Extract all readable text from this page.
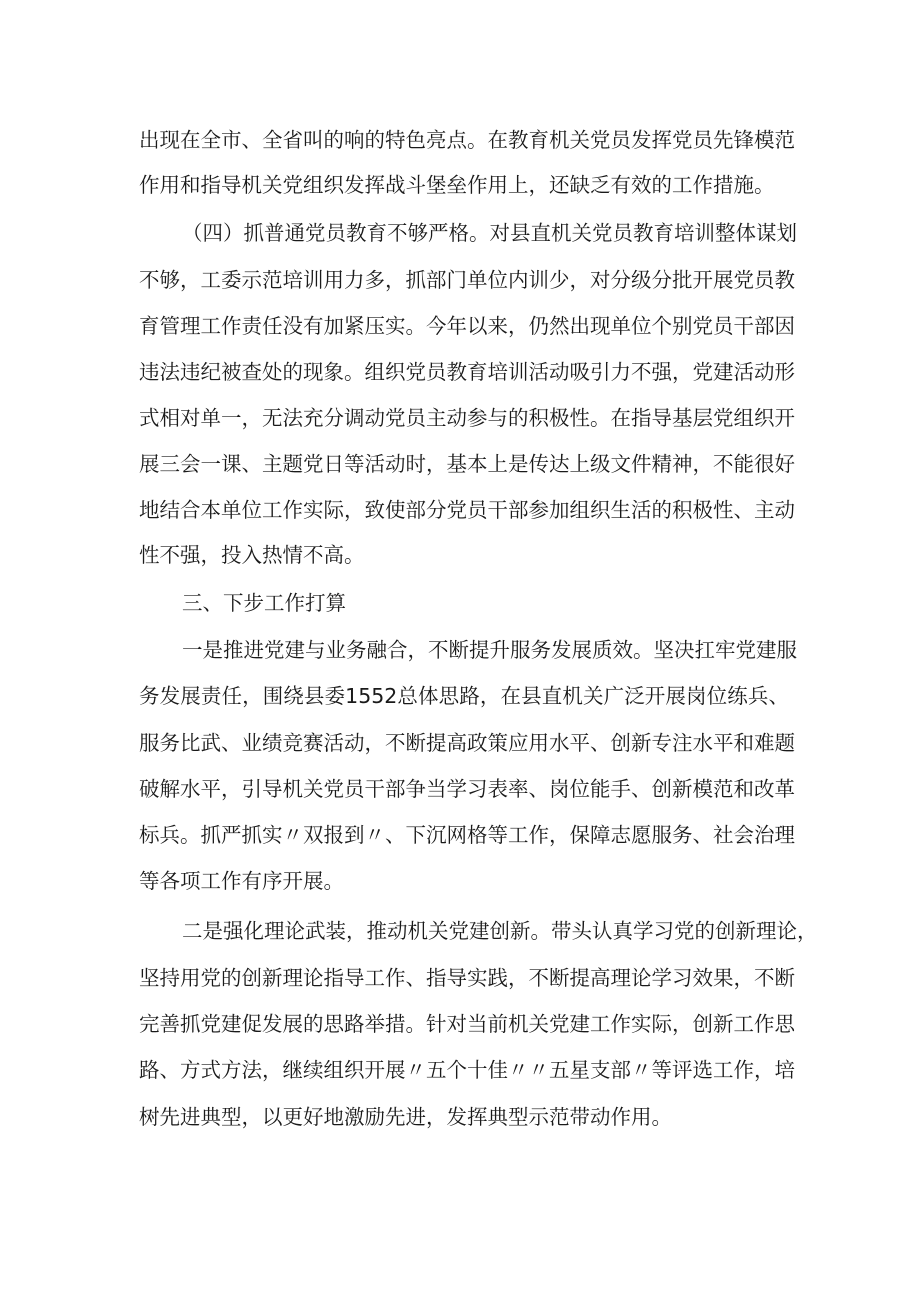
出现在全市、全省叫的响的特色亮点。在教育机关党员发挥党员先锋模范
作用和指导机关党组织发挥战斗堡垒作用上，还缺乏有效的工作措施。
（四）抓普通党员教育不够严格。对县直机关党员教育培训整体谋划
不够，工委示范培训用力多，抓部门单位内训少，对分级分批开展党员教
育管理工作责任没有加紧压实。今年以来，仍然出现单位个别党员干部因
违法违纪被查处的现象。组织党员教育培训活动吸引力不强，党建活动形
式相对单一，无法充分调动党员主动参与的积极性。在指导基层党组织开
展三会一课、主题党日等活动时，基本上是传达上级文件精神，不能很好
地结合本单位工作实际，致使部分党员干部参加组织生活的积极性、主动
性不强，投入热情不高。
三、下步工作打算
一是推进党建与业务融合，不断提升服务发展质效。坚决扛牢党建服
务发展责任，围绕县委1552总体思路，在县直机关广泛开展岗位练兵、
服务比武、业绩竞赛活动，不断提高政策应用水平、创新专注水平和难题
破解水平，引导机关党员干部争当学习表率、岗位能手、创新模范和改革
标兵。抓严抓实〃双报到〃、下沉网格等工作，保障志愿服务、社会治理
等各项工作有序开展。
二是强化理论武装，推动机关党建创新。带头认真学习党的创新理论，
坚持用党的创新理论指导工作、指导实践，不断提高理论学习效果，不断
完善抓党建促发展的思路举措。针对当前机关党建工作实际，创新工作思
路、方式方法，继续组织开展〃五个十佳〃〃五星支部〃等评选工作，培
树先进典型，以更好地激励先进，发挥典型示范带动作用。
